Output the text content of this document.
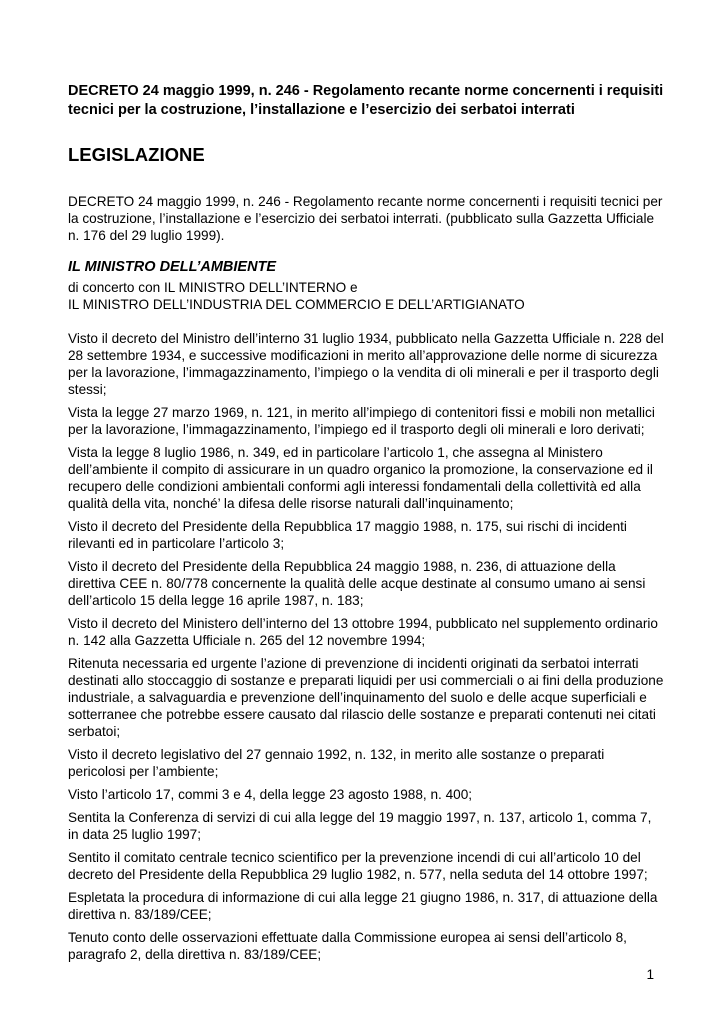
DECRETO 24 maggio 1999, n. 246 - Regolamento recante norme concernenti i requisiti tecnici per la costruzione, l’installazione e l’esercizio dei serbatoi interrati
LEGISLAZIONE

DECRETO 24 maggio 1999, n. 246 - Regolamento recante norme concernenti i requisiti tecnici per la costruzione, l’installazione e l’esercizio dei serbatoi interrati. (pubblicato sulla Gazzetta Ufficiale n. 176 del 29 luglio 1999).

IL MINISTRO DELL’AMBIENTE
di concerto con IL MINISTRO DELL’INTERNO e
IL MINISTRO DELL’INDUSTRIA DEL COMMERCIO E DELL’ARTIGIANATO
Visto il decreto del Ministro dell’interno 31 luglio 1934, pubblicato nella Gazzetta Ufficiale n. 228 del 28 settembre 1934, e successive modificazioni in merito all’approvazione delle norme di sicurezza per la lavorazione, l’immagazzinamento, l’impiego o la vendita di oli minerali e per il trasporto degli stessi;
Vista la legge 27 marzo 1969, n. 121, in merito all’impiego di contenitori fissi e mobili non metallici per la lavorazione, l’immagazzinamento, l’impiego ed il trasporto degli oli minerali e loro derivati;
Vista la legge 8 luglio 1986, n. 349, ed in particolare l’articolo 1, che assegna al Ministero dell’ambiente il compito di assicurare in un quadro organico la promozione, la conservazione ed il recupero delle condizioni ambientali conformi agli interessi fondamentali della collettività ed alla qualità della vita, nonché’ la difesa delle risorse naturali dall’inquinamento;
Visto il decreto del Presidente della Repubblica 17 maggio 1988, n. 175, sui rischi di incidenti rilevanti ed in particolare l’articolo 3;
Visto il decreto del Presidente della Repubblica 24 maggio 1988, n. 236, di attuazione della direttiva CEE n. 80/778 concernente la qualità delle acque destinate al consumo umano ai sensi dell’articolo 15 della legge 16 aprile 1987, n. 183;
Visto il decreto del Ministero dell’interno del 13 ottobre 1994, pubblicato nel supplemento ordinario n. 142 alla Gazzetta Ufficiale n. 265 del 12 novembre 1994;
Ritenuta necessaria ed urgente l’azione di prevenzione di incidenti originati da serbatoi interrati destinati allo stoccaggio di sostanze e preparati liquidi per usi commerciali o ai fini della produzione industriale, a salvaguardia e prevenzione dell’inquinamento del suolo e delle acque superficiali e sotterranee che potrebbe essere causato dal rilascio delle sostanze e preparati contenuti nei citati serbatoi;
Visto il decreto legislativo del 27 gennaio 1992, n. 132, in merito alle sostanze o preparati pericolosi per l’ambiente;
Visto l’articolo 17, commi 3 e 4, della legge 23 agosto 1988, n. 400;
Sentita la Conferenza di servizi di cui alla legge del 19 maggio 1997, n. 137, articolo 1, comma 7, in data 25 luglio 1997;
Sentito il comitato centrale tecnico scientifico per la prevenzione incendi di cui all’articolo 10 del decreto del Presidente della Repubblica 29 luglio 1982, n. 577, nella seduta del 14 ottobre 1997;
Espletata la procedura di informazione di cui alla legge 21 giugno 1986, n. 317, di attuazione della direttiva n. 83/189/CEE;
Tenuto conto delle osservazioni effettuate dalla Commissione europea ai sensi dell’articolo 8, paragrafo 2, della direttiva n. 83/189/CEE;
1
